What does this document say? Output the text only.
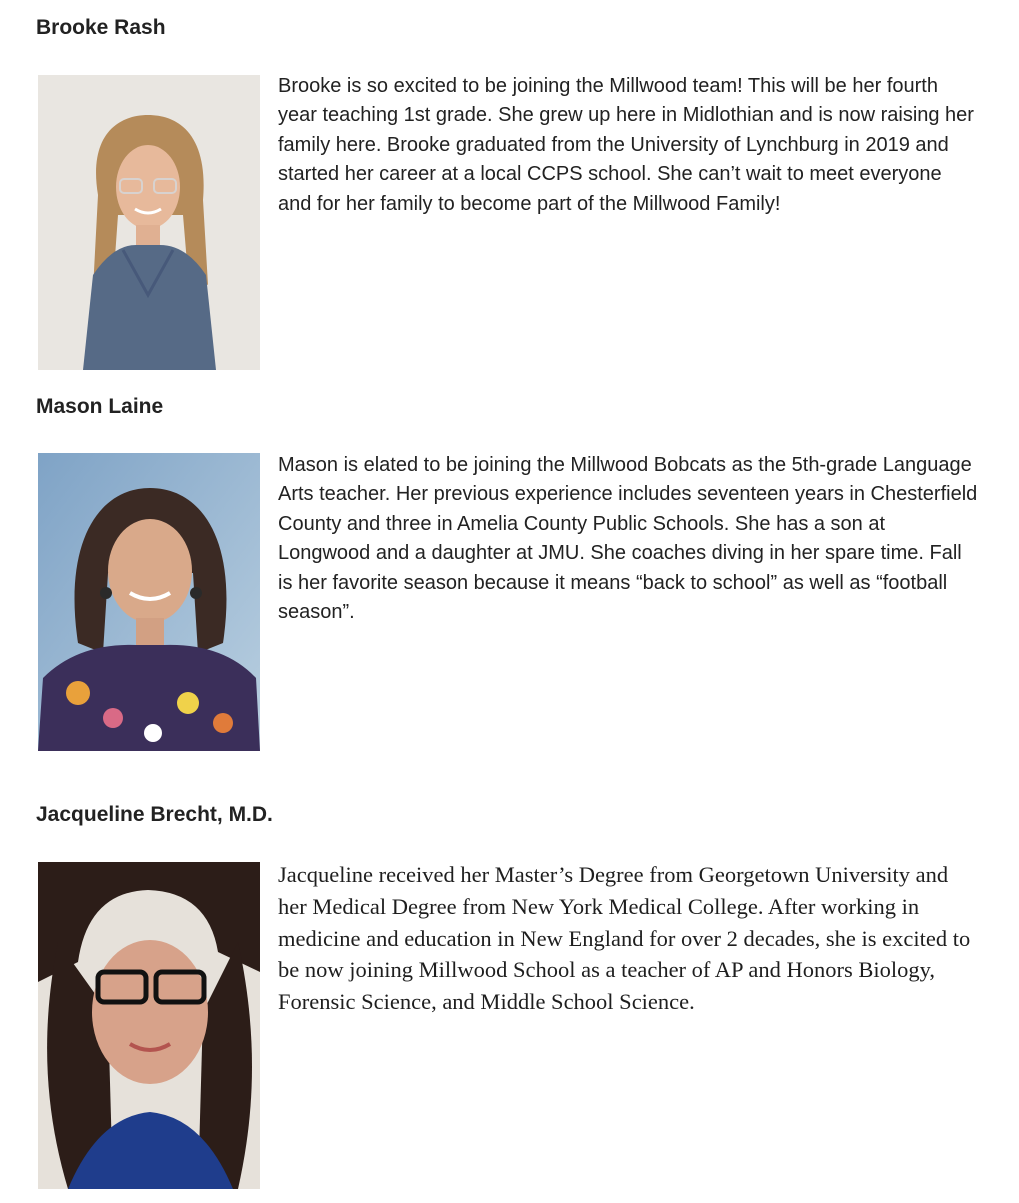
Brooke Rash

Brooke is so excited to be joining the Millwood team! This will be her fourth year teaching 1st grade. She grew up here in Midlothian and is now raising her family here. Brooke graduated from the University of Lynchburg in 2019 and started her career at a local CCPS school. She can’t wait to meet everyone and for her family to become part of the Millwood Family!

Mason Laine

Mason is elated to be joining the Millwood Bobcats as the 5th-grade Language Arts teacher. Her previous experience includes seventeen years in Chesterfield County and three in Amelia County Public Schools. She has a son at Longwood and a daughter at JMU. She coaches diving in her spare time. Fall is her favorite season because it means “back to school” as well as “football season”.

Jacqueline Brecht, M.D.

Jacqueline received her Master’s Degree from Georgetown University and her Medical Degree from New York Medical College. After working in medicine and education in New England for over 2 decades, she is excited to be now joining Millwood School as a teacher of AP and Honors Biology, Forensic Science, and Middle School Science.
